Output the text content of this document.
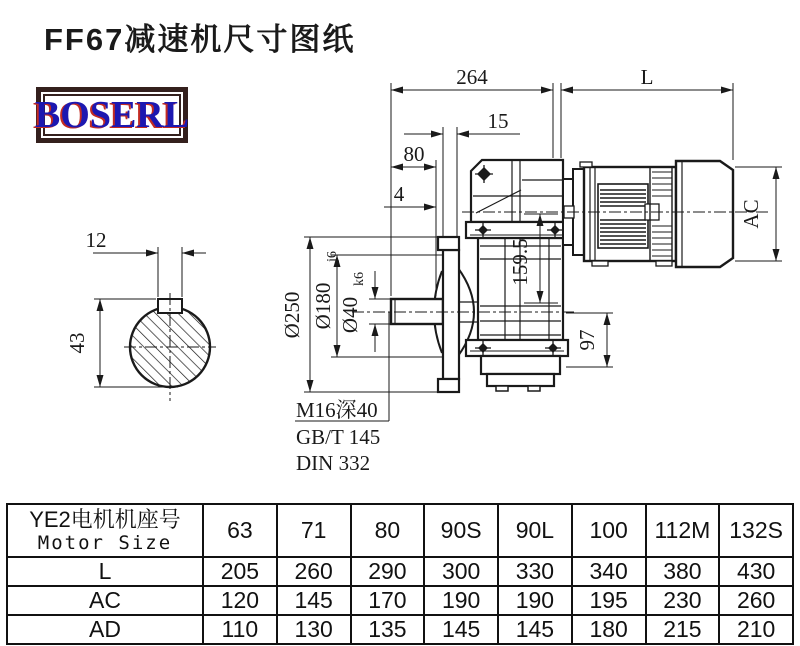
FF67减速机尺寸图纸
BOSERL
264	L
15
80
4
12
43
Ø250 Ø180
j6
Ø40
k6	159.5
97
AC
M16深40
GB/T 145
DIN 332
YE2电机机座号
Motor Size	63	71	80	90S	90L	100	112M	132S
L	205	260	290	300	330	340	380	430
AC	120	145	170	190	190	195	230	260
AD	110	130	135	145	145	180	215	210
